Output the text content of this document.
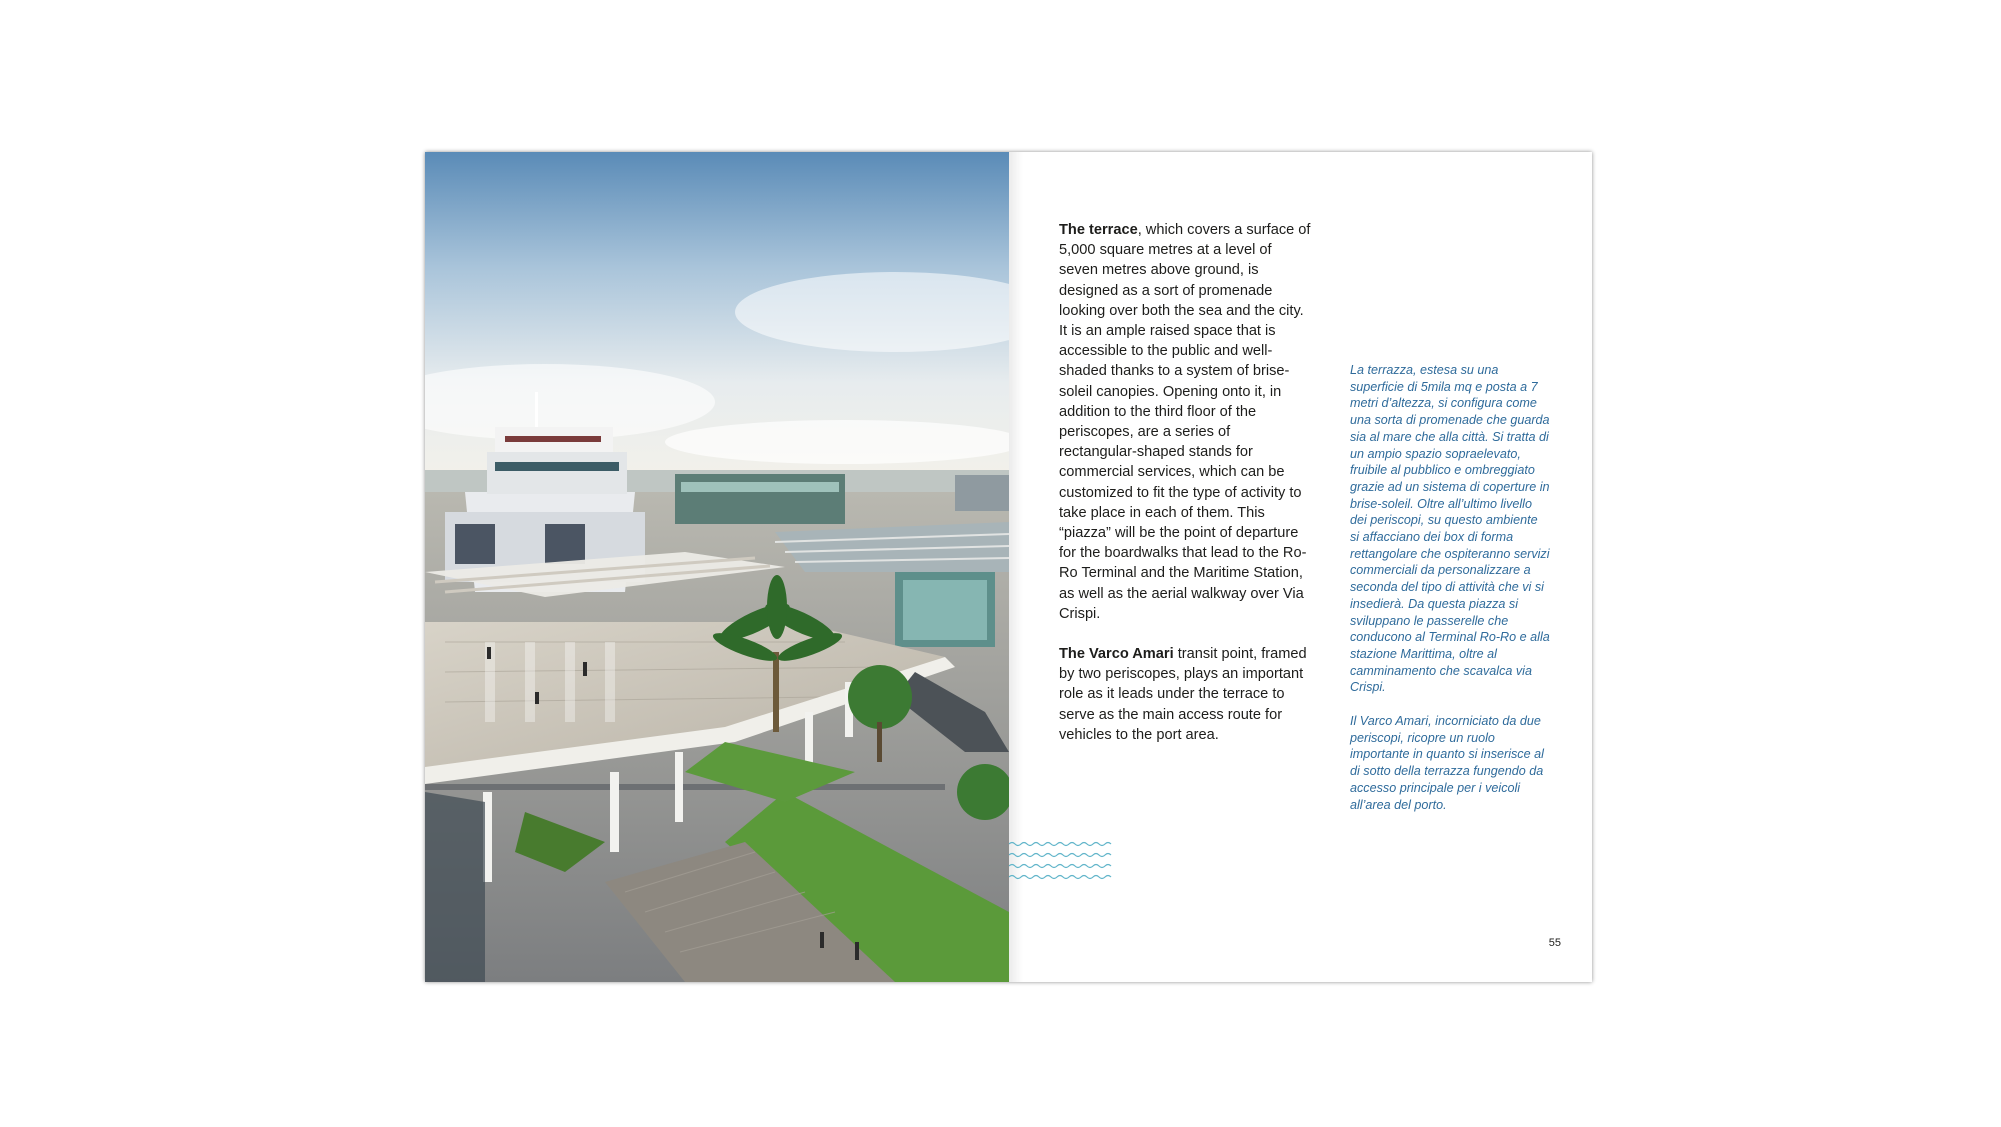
The terrace, which covers a surface of 5,000 square metres at a level of seven metres above ground, is designed as a sort of promenade looking over both the sea and the city. It is an ample raised space that is accessible to the public and well-shaded thanks to a system of brise-soleil canopies. Opening onto it, in addition to the third floor of the periscopes, are a series of rectangular-shaped stands for commercial services, which can be customized to fit the type of activity to take place in each of them. This “piazza” will be the point of departure for the boardwalks that lead to the Ro-Ro Terminal and the Maritime Station, as well as the aerial walkway over Via Crispi.

The Varco Amari transit point, framed by two periscopes, plays an important role as it leads under the terrace to serve as the main access route for vehicles to the port area.

La terrazza, estesa su una superficie di 5mila mq e posta a 7 metri d’altezza, si configura come una sorta di promenade che guarda sia al mare che alla città. Si tratta di un ampio spazio sopraelevato, fruibile al pubblico e ombreggiato grazie ad un sistema di coperture in brise-soleil. Oltre all’ultimo livello dei periscopi, su questo ambiente si affacciano dei box di forma rettangolare che ospiteranno servizi commerciali da personalizzare a seconda del tipo di attività che vi si insedierà. Da questa piazza si sviluppano le passerelle che conducono al Terminal Ro-Ro e alla stazione Marittima, oltre al camminamento che scavalca via Crispi.

Il Varco Amari, incorniciato da due periscopi, ricopre un ruolo importante in quanto si inserisce al di sotto della terrazza fungendo da accesso principale per i veicoli all’area del porto.

55
